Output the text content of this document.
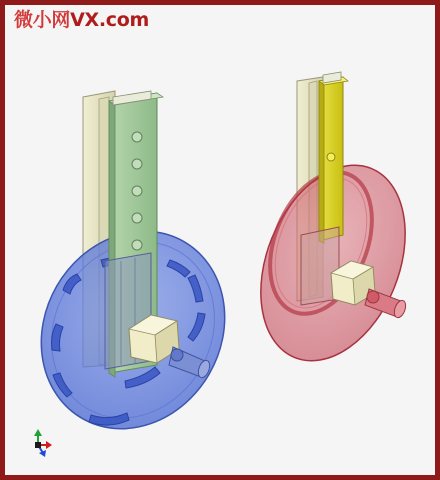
微小网VX.com
